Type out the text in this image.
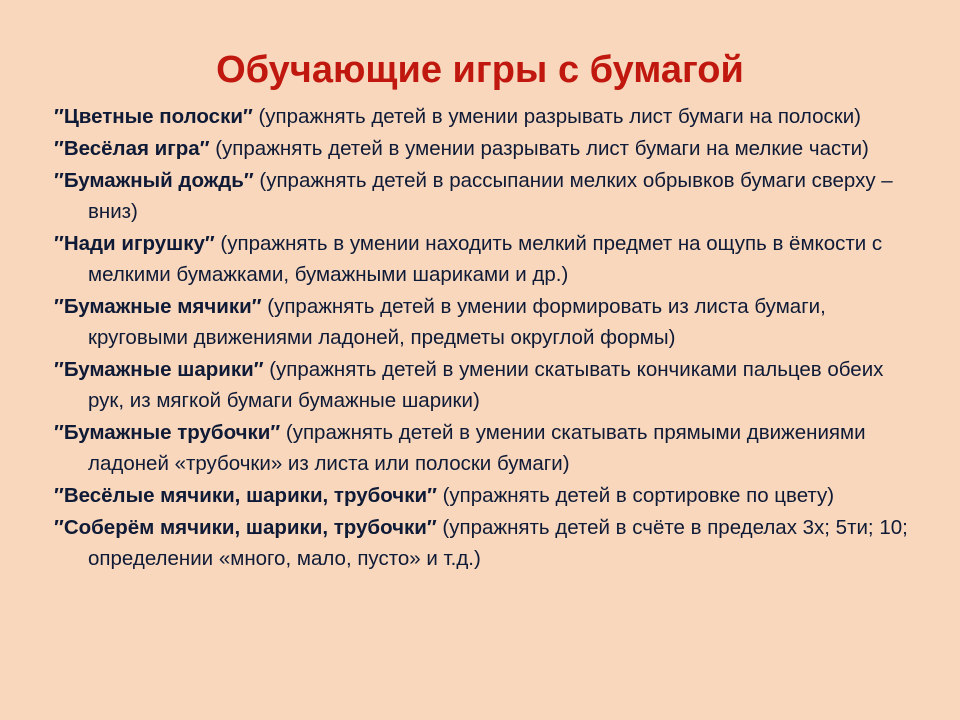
Обучающие игры с бумагой
″Цветные полоски″ (упражнять детей в умении разрывать лист бумаги на полоски)
″Весёлая игра″ (упражнять детей в умении разрывать лист бумаги на мелкие части)
″Бумажный дождь″ (упражнять детей в рассыпании мелких обрывков бумаги сверху – вниз)
″Нади игрушку″ (упражнять в умении находить мелкий предмет на ощупь в ёмкости с мелкими бумажками, бумажными шариками и др.)
″Бумажные мячики″ (упражнять детей в умении формировать из листа бумаги, круговыми движениями ладоней, предметы округлой формы)
″Бумажные шарики″ (упражнять детей в умении скатывать кончиками пальцев обеих рук, из мягкой бумаги бумажные шарики)
″Бумажные трубочки″ (упражнять детей в умении скатывать прямыми движениями ладоней «трубочки» из листа или полоски бумаги)
″Весёлые мячики, шарики, трубочки″ (упражнять детей в сортировке по цвету)
″Соберём мячики, шарики, трубочки″ (упражнять детей в счёте в пределах 3х; 5ти; 10; определении «много, мало, пусто» и т.д.)
